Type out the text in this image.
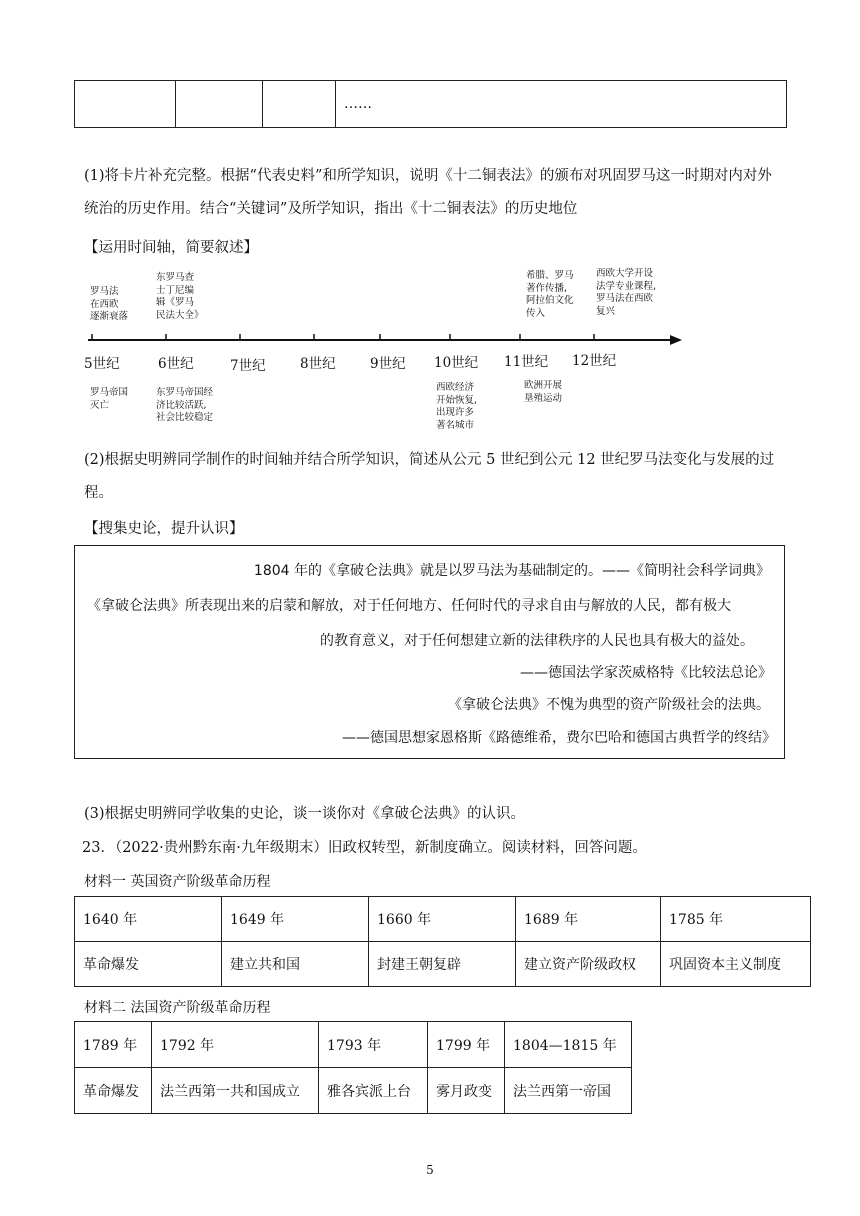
			……
(1)将卡片补充完整。根据“代表史料”和所学知识，说明《十二铜表法》的颁布对巩固罗马这一时期对内对外统治的历史作用。结合“关键词”及所学知识，指出《十二铜表法》的历史地位
【运用时间轴，简要叙述】
罗马法
在西欧
逐渐衰落
东罗马查
士丁尼编
辑《罗马
民法大全》
希腊、罗马
著作传播,
阿拉伯文化
传入
西欧大学开设
法学专业课程,
罗马法在西欧
复兴
5世纪	6世纪	7世纪	8世纪	9世纪 10世纪 11世纪 12世纪
罗马帝国
灭亡
东罗马帝国经
济比较活跃,
社会比较稳定
西欧经济
开始恢复,
出现许多
著名城市
欧洲开展
垦殖运动
(2)根据史明辨同学制作的时间轴并结合所学知识，简述从公元 5 世纪到公元 12 世纪罗马法变化与发展的过程。
【搜集史论，提升认识】
1804 年的《拿破仑法典》就是以罗马法为基础制定的。——《简明社会科学词典》
《拿破仑法典》所表现出来的启蒙和解放，对于任何地方、任何时代的寻求自由与解放的人民，都有极大
的教育意义，对于任何想建立新的法律秩序的人民也具有极大的益处。
——德国法学家茨威格特《比较法总论》
《拿破仑法典》不愧为典型的资产阶级社会的法典。
——德国思想家恩格斯《路德维希，费尔巴哈和德国古典哲学的终结》
(3)根据史明辨同学收集的史论，谈一谈你对《拿破仑法典》的认识。
23．（2022·贵州黔东南·九年级期末）旧政权转型，新制度确立。阅读材料，回答问题。
材料一 英国资产阶级革命历程
1640 年	1649 年	1660 年	1689 年	1785 年
革命爆发	建立共和国	封建王朝复辟	建立资产阶级政权	巩固资本主义制度
材料二 法国资产阶级革命历程
1789 年	1792 年	1793 年	1799 年	1804—1815 年
革命爆发	法兰西第一共和国成立	雅各宾派上台	雾月政变	法兰西第一帝国
5
